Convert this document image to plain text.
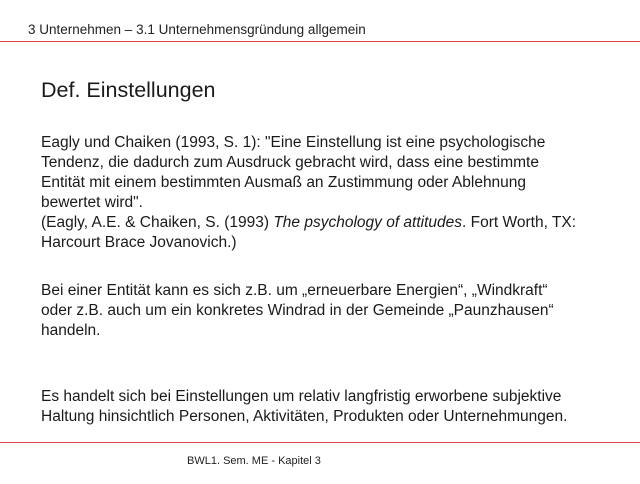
3 Unternehmen – 3.1 Unternehmensgründung allgemein
Def. Einstellungen
Eagly und Chaiken (1993, S. 1): "Eine Einstellung ist eine psychologische
Tendenz, die dadurch zum Ausdruck gebracht wird, dass eine bestimmte
Entität mit einem bestimmten Ausmaß an Zustimmung oder Ablehnung
bewertet wird".
(Eagly, A.E. & Chaiken, S. (1993) The psychology of attitudes. Fort Worth, TX:
Harcourt Brace Jovanovich.)
Bei einer Entität kann es sich z.B. um „erneuerbare Energien“, „Windkraft“
oder z.B. auch um ein konkretes Windrad in der Gemeinde „Paunzhausen“
handeln.
Es handelt sich bei Einstellungen um relativ langfristig erworbene subjektive
Haltung hinsichtlich Personen, Aktivitäten, Produkten oder Unternehmungen.
BWL1. Sem. ME - Kapitel 3
